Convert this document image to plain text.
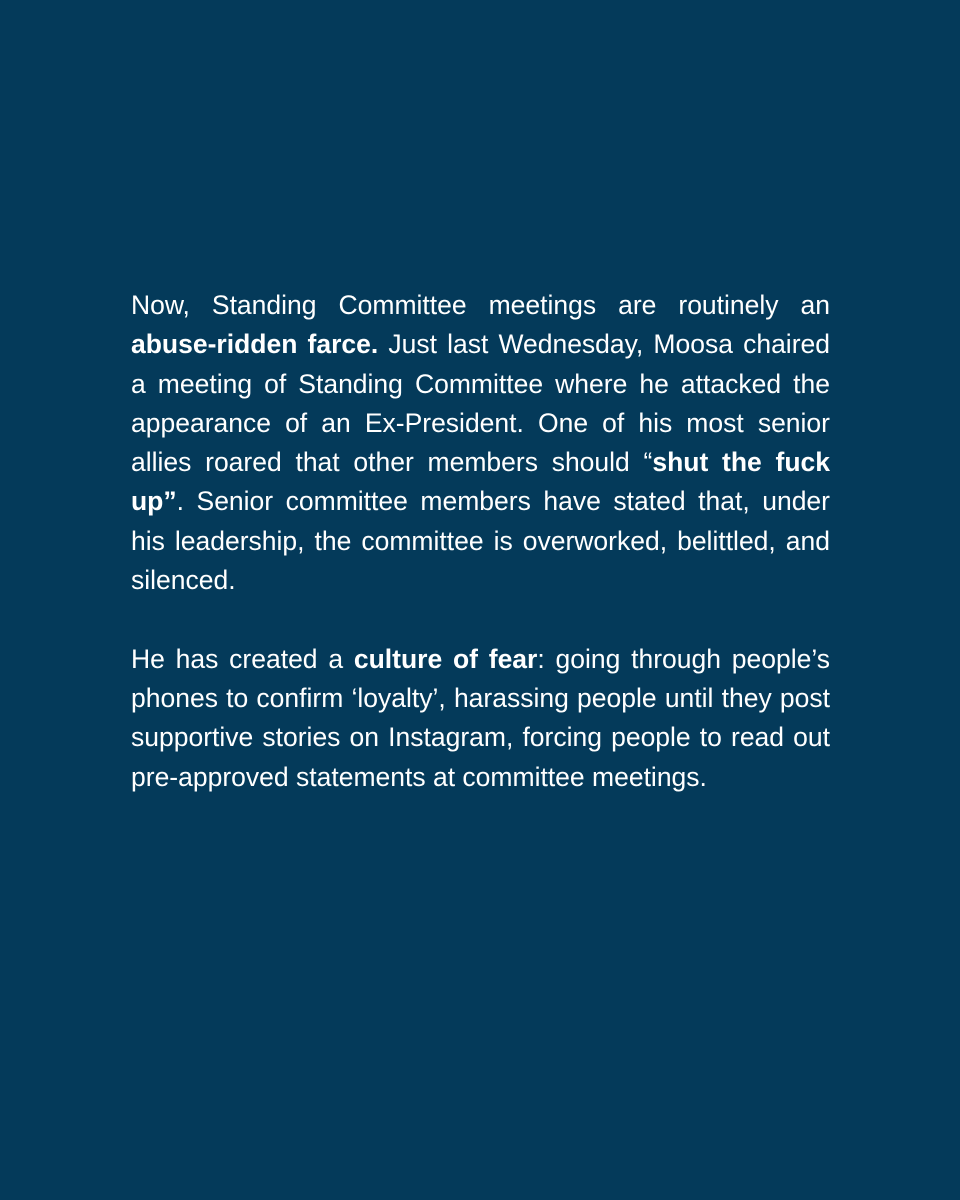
Now, Standing Committee meetings are routinely an abuse-ridden farce. Just last Wednesday, Moosa chaired a meeting of Standing Committee where he attacked the appearance of an Ex-President. One of his most senior allies roared that other members should “shut the fuck up”. Senior committee members have stated that, under his leadership, the committee is overworked, belittled, and silenced.

He has created a culture of fear: going through people’s phones to confirm ‘loyalty’, harassing people until they post supportive stories on Instagram, forcing people to read out pre-approved statements at committee meetings.
